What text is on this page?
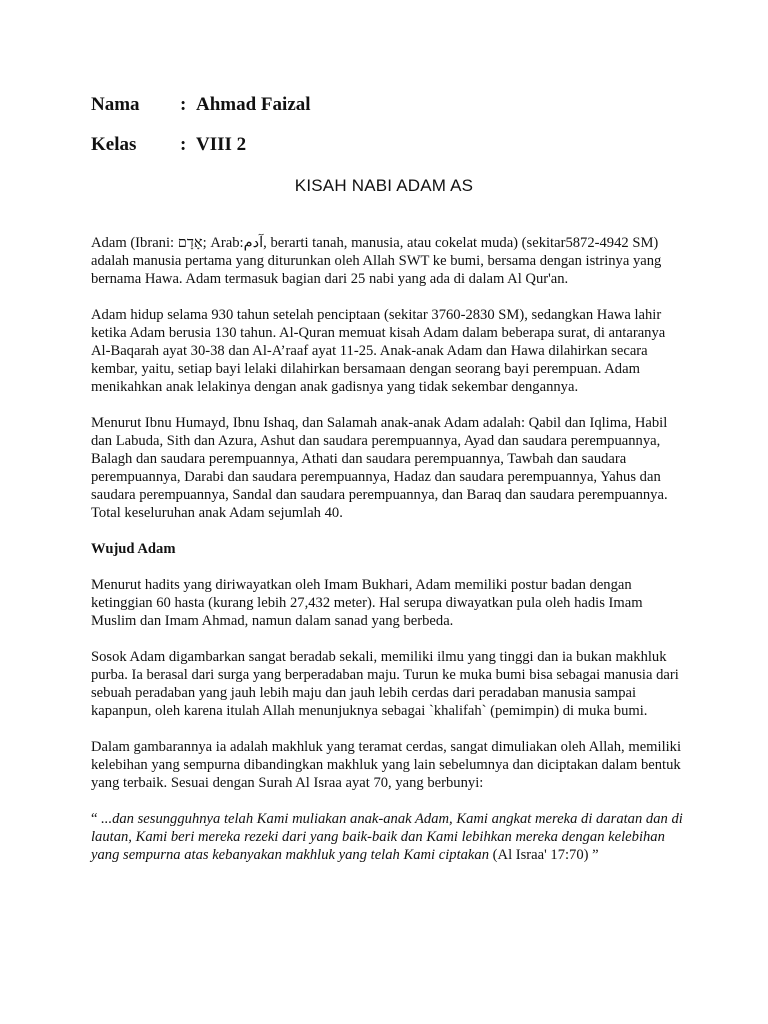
Nama : Ahmad Faizal
Kelas : VIII 2
KISAH NABI ADAM AS

Adam (Ibrani: אָדָם; Arab:آدم, berarti tanah, manusia, atau cokelat muda) (sekitar5872-4942 SM) adalah manusia pertama yang diturunkan oleh Allah SWT ke bumi, bersama dengan istrinya yang bernama Hawa. Adam termasuk bagian dari 25 nabi yang ada di dalam Al Qur'an.

Adam hidup selama 930 tahun setelah penciptaan (sekitar 3760-2830 SM), sedangkan Hawa lahir ketika Adam berusia 130 tahun. Al-Quran memuat kisah Adam dalam beberapa surat, di antaranya Al-Baqarah ayat 30-38 dan Al-A’raaf ayat 11-25. Anak-anak Adam dan Hawa dilahirkan secara kembar, yaitu, setiap bayi lelaki dilahirkan bersamaan dengan seorang bayi perempuan. Adam menikahkan anak lelakinya dengan anak gadisnya yang tidak sekembar dengannya.

Menurut Ibnu Humayd, Ibnu Ishaq, dan Salamah anak-anak Adam adalah: Qabil dan Iqlima, Habil dan Labuda, Sith dan Azura, Ashut dan saudara perempuannya, Ayad dan saudara perempuannya, Balagh dan saudara perempuannya, Athati dan saudara perempuannya, Tawbah dan saudara perempuannya, Darabi dan saudara perempuannya, Hadaz dan saudara perempuannya, Yahus dan saudara perempuannya, Sandal dan saudara perempuannya, dan Baraq dan saudara perempuannya. Total keseluruhan anak Adam sejumlah 40.

Wujud Adam

Menurut hadits yang diriwayatkan oleh Imam Bukhari, Adam memiliki postur badan dengan ketinggian 60 hasta (kurang lebih 27,432 meter). Hal serupa diwayatkan pula oleh hadis Imam Muslim dan Imam Ahmad, namun dalam sanad yang berbeda.

Sosok Adam digambarkan sangat beradab sekali, memiliki ilmu yang tinggi dan ia bukan makhluk purba. Ia berasal dari surga yang berperadaban maju. Turun ke muka bumi bisa sebagai manusia dari sebuah peradaban yang jauh lebih maju dan jauh lebih cerdas dari peradaban manusia sampai kapanpun, oleh karena itulah Allah menunjuknya sebagai `khalifah` (pemimpin) di muka bumi.

Dalam gambarannya ia adalah makhluk yang teramat cerdas, sangat dimuliakan oleh Allah, memiliki kelebihan yang sempurna dibandingkan makhluk yang lain sebelumnya dan diciptakan dalam bentuk yang terbaik. Sesuai dengan Surah Al Israa ayat 70, yang berbunyi:

“ ...dan sesungguhnya telah Kami muliakan anak-anak Adam, Kami angkat mereka di daratan dan di lautan, Kami beri mereka rezeki dari yang baik-baik dan Kami lebihkan mereka dengan kelebihan yang sempurna atas kebanyakan makhluk yang telah Kami ciptakan (Al Israa' 17:70) ”
